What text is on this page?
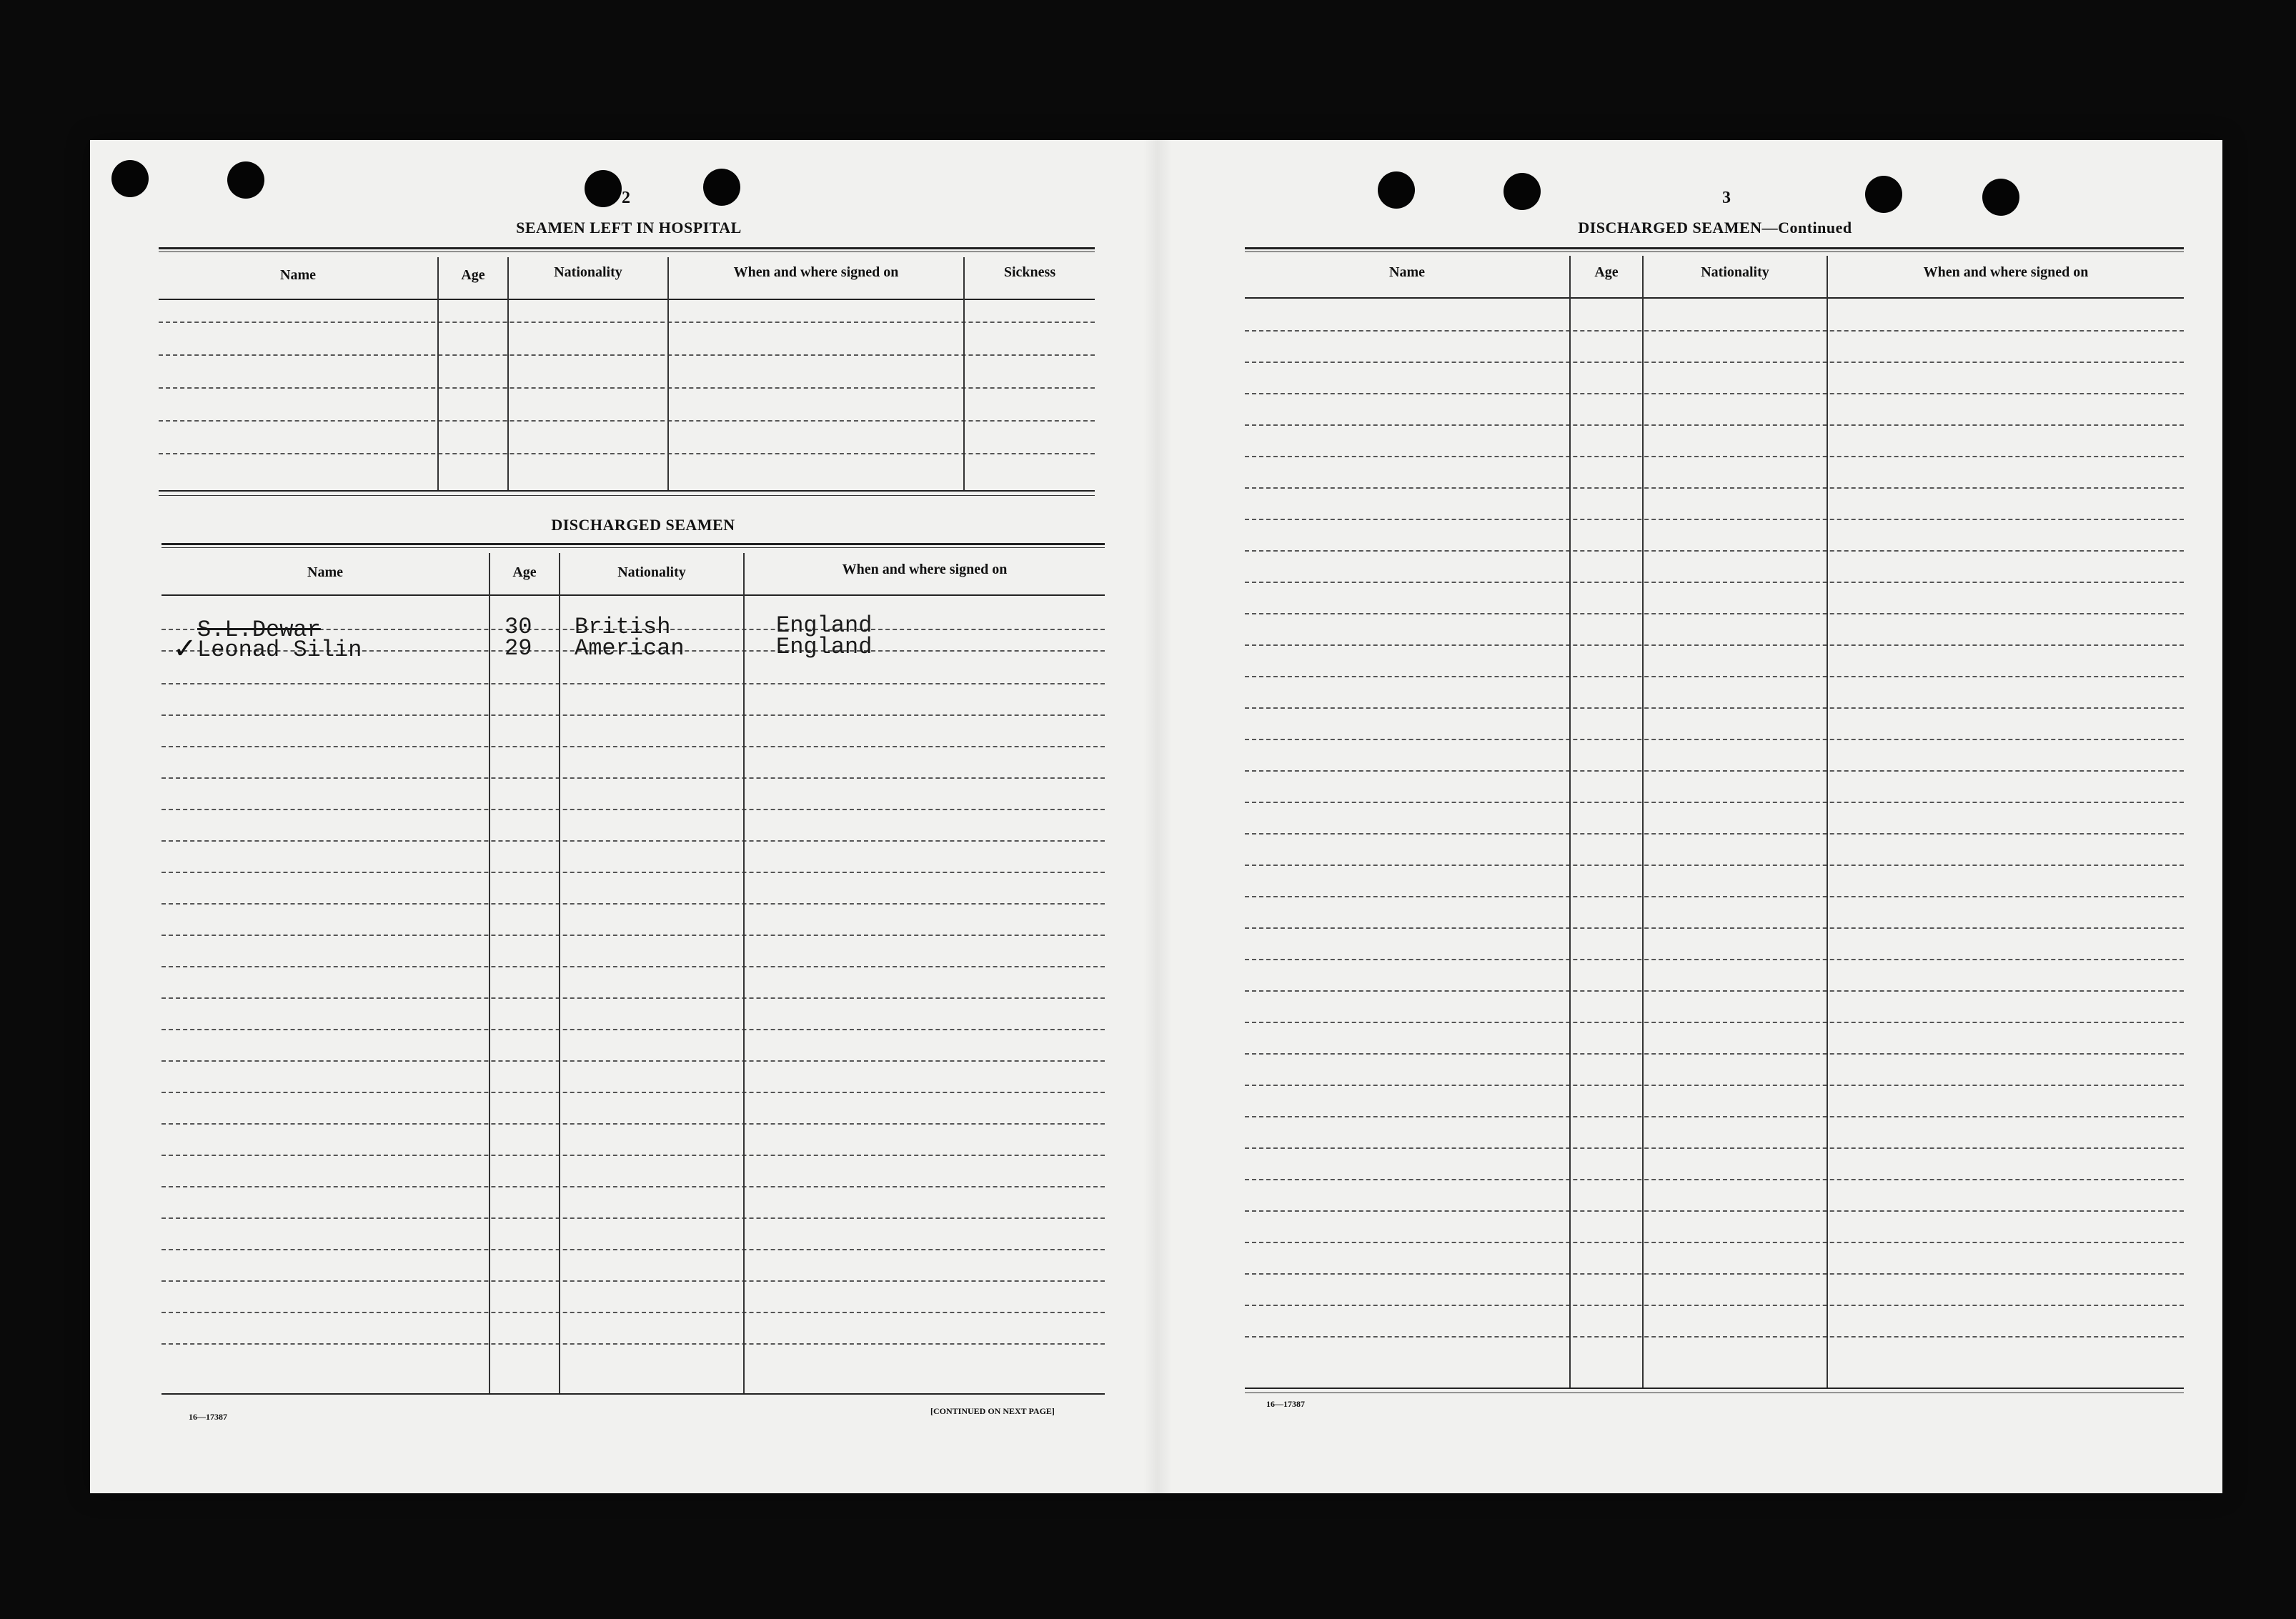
2
SEAMEN LEFT IN HOSPITAL
Name	Age	Nationality	When and where signed on	Sickness
DISCHARGED SEAMEN
Name	Age	Nationality	When and where signed on
S.L.Dewar	30 British	England
✓ Leonad Silin	29 American	England
16—17387
[CONTINUED ON NEXT PAGE]
3
DISCHARGED SEAMEN—Continued
Name	Age	Nationality	When and where signed on
16—17387
